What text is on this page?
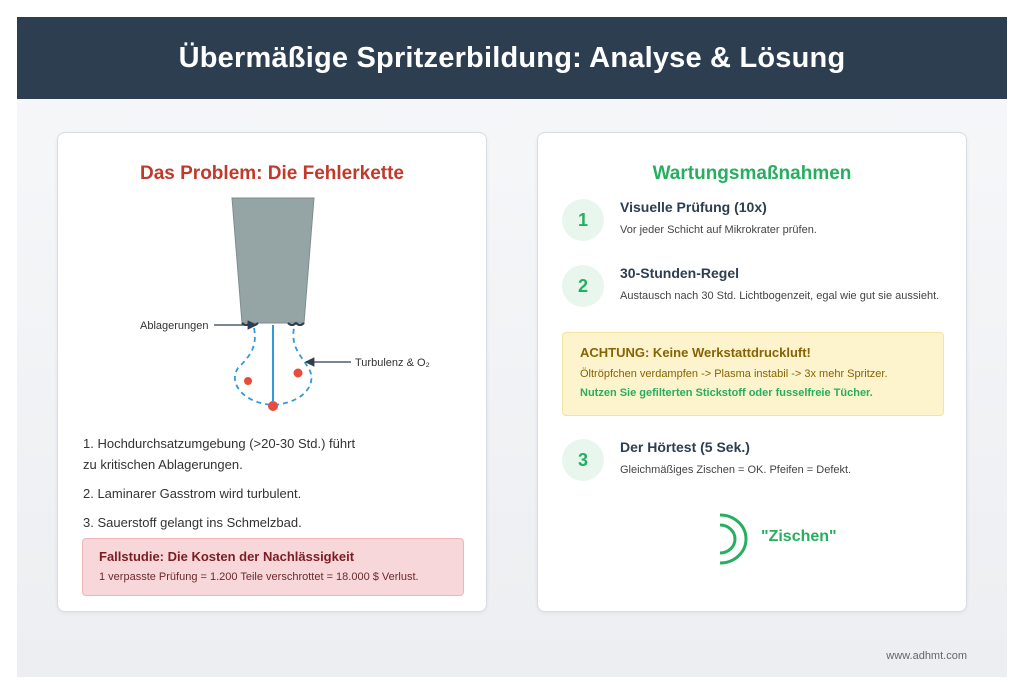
Übermäßige Spritzerbildung: Analyse & Lösung
Das Problem: Die Fehlerkette
Ablagerungen
Turbulenz & O₂
1. Hochdurchsatzumgebung (>20-30 Std.) führt
zu kritischen Ablagerungen.
2. Laminarer Gasstrom wird turbulent.
3. Sauerstoff gelangt ins Schmelzbad.
Fallstudie: Die Kosten der Nachlässigkeit
1 verpasste Prüfung = 1.200 Teile verschrottet = 18.000 $ Verlust.
Wartungsmaßnahmen
1
Visuelle Prüfung (10x)
Vor jeder Schicht auf Mikrokrater prüfen.
2
30-Stunden-Regel
Austausch nach 30 Std. Lichtbogenzeit, egal wie gut sie aussieht.
ACHTUNG: Keine Werkstattdruckluft!
Öltröpfchen verdampfen -> Plasma instabil -> 3x mehr Spritzer.
Nutzen Sie gefilterten Stickstoff oder fusselfreie Tücher.
3
Der Hörtest (5 Sek.)
Gleichmäßiges Zischen = OK. Pfeifen = Defekt.
"Zischen"
www.adhmt.com
